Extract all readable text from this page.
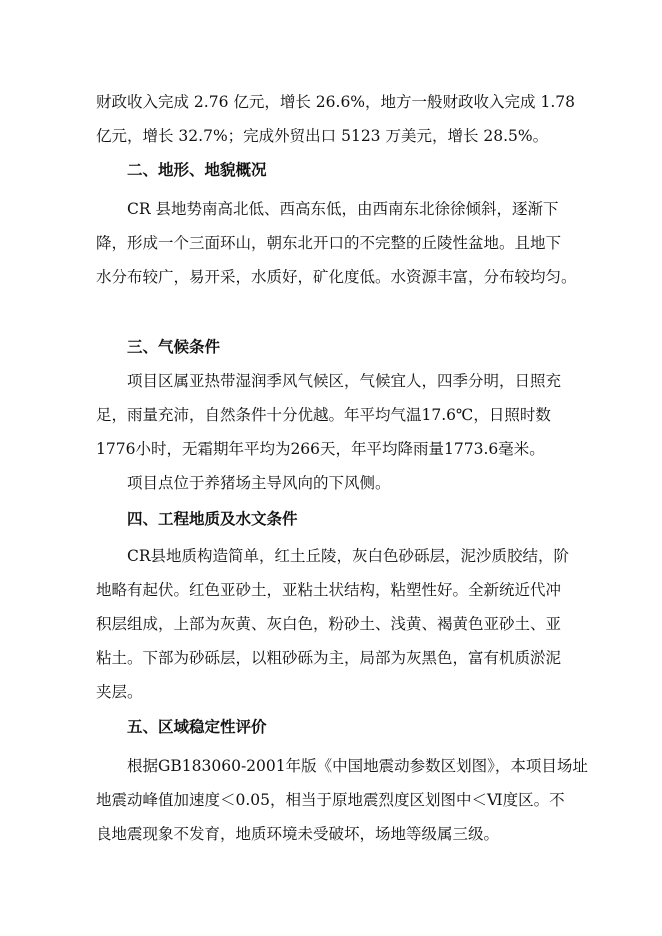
财政收入完成 2.76 亿元，增长 26.6%，地方一般财政收入完成 1.78
亿元，增长 32.7%；完成外贸出口 5123 万美元，增长 28.5%。
二、地形、地貌概况
CR 县地势南高北低、西高东低，由西南东北徐徐倾斜，逐渐下
降，形成一个三面环山，朝东北开口的不完整的丘陵性盆地。且地下
水分布较广，易开采，水质好，矿化度低。水资源丰富，分布较均匀。
三、气候条件
项目区属亚热带湿润季风气候区，气候宜人，四季分明，日照充
足，雨量充沛，自然条件十分优越。年平均气温17.6℃，日照时数
1776小时，无霜期年平均为266天，年平均降雨量1773.6毫米。
项目点位于养猪场主导风向的下风侧。
四、工程地质及水文条件
CR县地质构造简单，红土丘陵，灰白色砂砾层，泥沙质胶结，阶
地略有起伏。红色亚砂土，亚粘土状结构，粘塑性好。全新统近代冲
积层组成，上部为灰黄、灰白色，粉砂土、浅黄、褐黄色亚砂土、亚
粘土。下部为砂砾层，以粗砂砾为主，局部为灰黑色，富有机质淤泥
夹层。
五、区域稳定性评价
根据GB183060-2001年版《中国地震动参数区划图》，本项目场址
地震动峰值加速度＜0.05，相当于原地震烈度区划图中＜Ⅵ度区。不
良地震现象不发育，地质环境未受破坏，场地等级属三级。
